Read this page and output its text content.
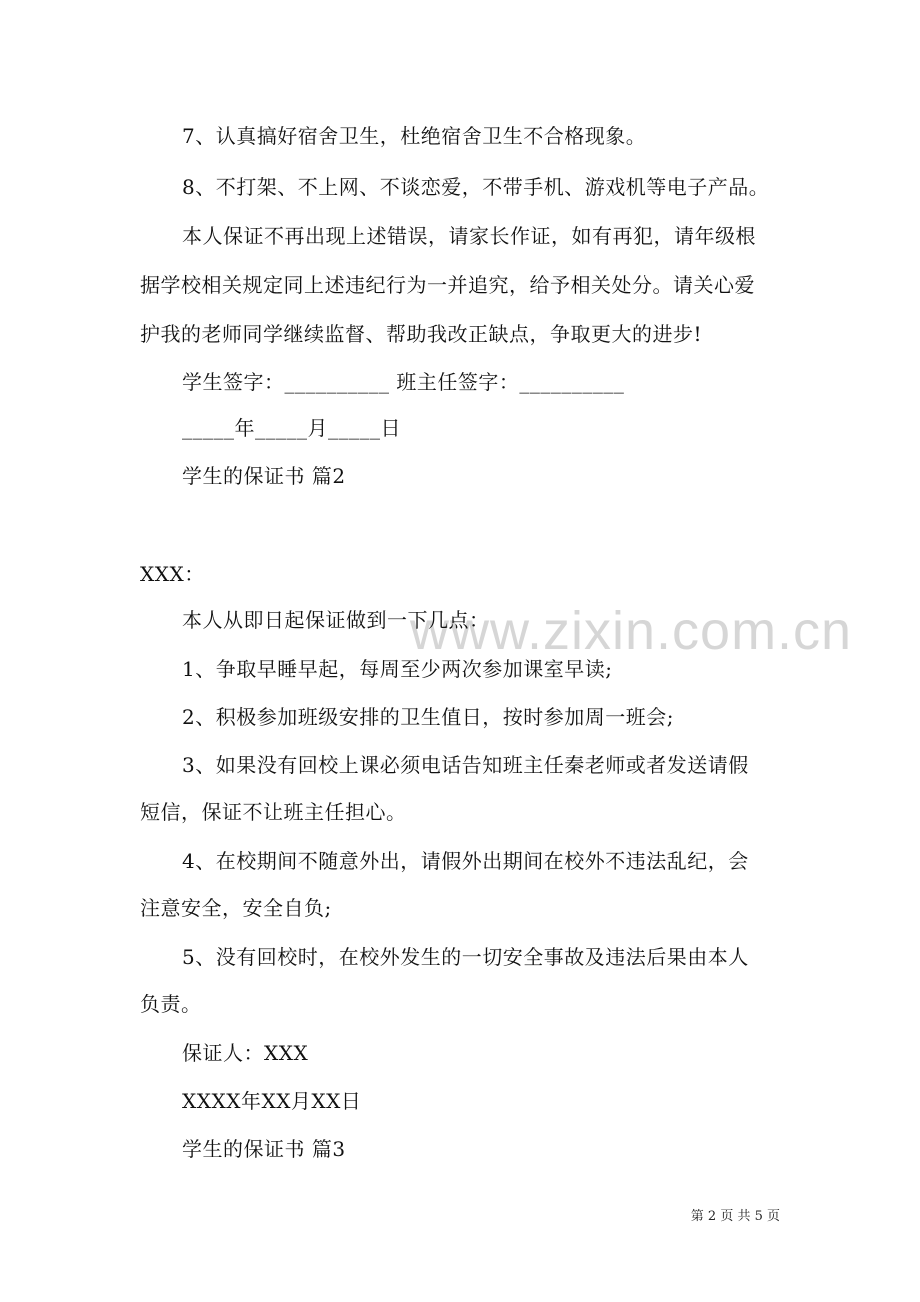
www.zixin.com.cn
7、认真搞好宿舍卫生，杜绝宿舍卫生不合格现象。
8、不打架、不上网、不谈恋爱，不带手机、游戏机等电子产品。
本人保证不再出现上述错误，请家长作证，如有再犯，请年级根
据学校相关规定同上述违纪行为一并追究，给予相关处分。请关心爱
护我的老师同学继续监督、帮助我改正缺点，争取更大的进步!
学生签字：__________ 班主任签字：__________
_____年_____月_____日
学生的保证书 篇2
XXX：
本人从即日起保证做到一下几点：
1、争取早睡早起，每周至少两次参加课室早读;
2、积极参加班级安排的卫生值日，按时参加周一班会;
3、如果没有回校上课必须电话告知班主任秦老师或者发送请假
短信，保证不让班主任担心。
4、在校期间不随意外出，请假外出期间在校外不违法乱纪，会
注意安全，安全自负;
5、没有回校时，在校外发生的一切安全事故及违法后果由本人
负责。
保证人：XXX
XXXX年XX月XX日
学生的保证书 篇3
第 2 页 共 5 页
